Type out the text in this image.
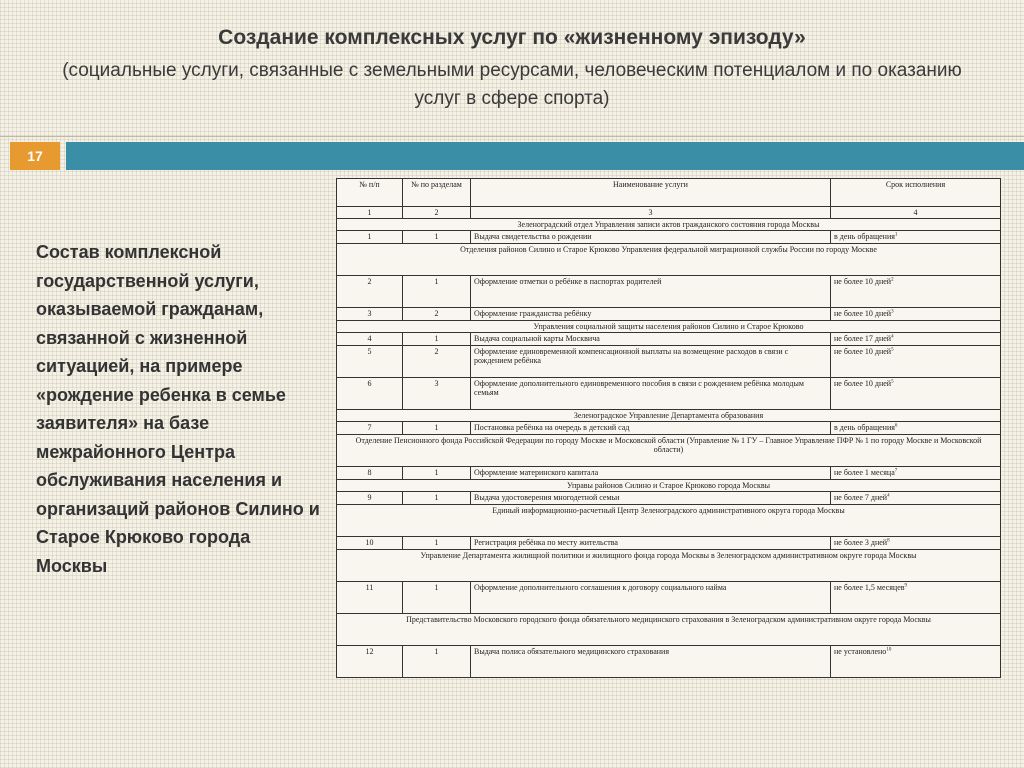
Создание комплексных услуг по «жизненному эпизоду»
(социальные услуги, связанные с земельными ресурсами, человеческим потенциалом и по оказанию услуг в сфере спорта)
17
Состав комплексной государственной услуги, оказываемой гражданам, связанной с жизненной ситуацией, на примере «рождение ребенка в семье заявителя» на базе межрайонного Центра обслуживания населения и организаций районов Силино и Старое Крюково города Москвы
№ п/п	№ по разделам	Наименование услуги	Срок исполнения
1	2	3	4
Зеленоградский отдел Управления записи актов гражданского состояния города Москвы			
1	1	Выдача свидетельства о рождении	в день обращения$^1$
Отделения районов Силино и Старое Крюково Управления федеральной миграционной службы России по городу Москве			
2	1	Оформление отметки о ребёнке в паспортах родителей	не более 10 дней$^2$
3	2	Оформление гражданства ребёнку	не более 10 дней$^3$
Управления социальной защиты населения районов Силино и Старое Крюково			
4	1	Выдача социальной карты Москвича	не более 17 дней$^4$
5	2	Оформление единовременной компенсационной выплаты на возмещение расходов в связи с рождением ребёнка	не более 10 дней$^5$
6	3	Оформление дополнительного единовременного пособия в связи с рождением ребёнка молодым семьям	не более 10 дней$^5$
Зеленоградское Управление Департамента образования			
7	1	Постановка ребёнка на очередь в детский сад	в день обращения$^6$
Отделение Пенсионного фонда Российской Федерации по городу Москве и Московской области (Управление № 1 ГУ – Главное Управление ПФР № 1 по городу Москве и Московской области)			
8	1	Оформление материнского капитала	не более 1 месяца$^7$
Управы районов Силино и Старое Крюково города Москвы			
9	1	Выдача удостоверения многодетной семьи	не более 7 дней$^4$
Единый информационно-расчетный Центр Зеленоградского административного округа города Москвы			
10	1	Регистрация ребёнка по месту жительства	не более 3 дней$^8$
Управление Департамента жилищной политики и жилищного фонда города Москвы в Зеленоградском административном округе города Москвы			
11	1	Оформление дополнительного соглашения к договору социального найма	не более 1,5 месяцев$^9$
Представительство Московского городского фонда обязательного медицинского страхования в Зеленоградском административном округе города Москвы			
12	1	Выдача полиса обязательного медицинского страхования	не установлено$^{10}$
